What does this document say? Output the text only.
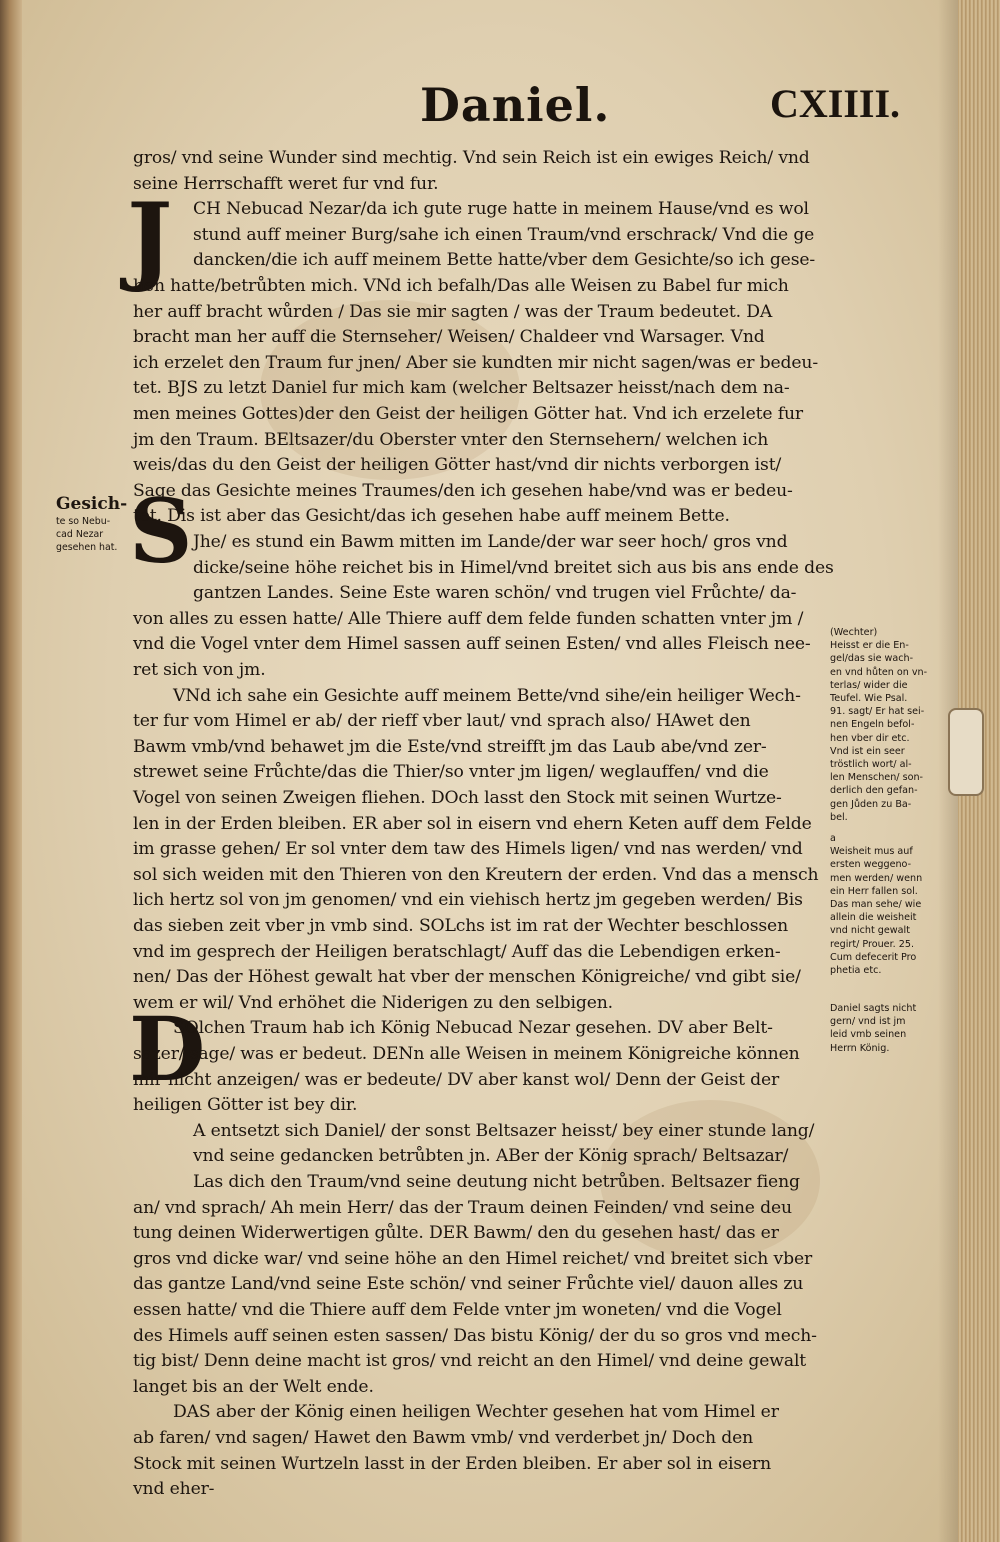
Daniel.	CXIIII.
J
S
D
gros/ vnd seine Wunder sind mechtig. Vnd sein Reich ist ein ewiges Reich/ vnd
seine Herrschafft weret fur vnd fur.
CH Nebucad Nezar/da ich gute ruge hatte in meinem Hause/vnd es wol
stund auff meiner Burg/sahe ich einen Traum/vnd erschrack/ Vnd die ge
dancken/die ich auff meinem Bette hatte/vber dem Gesichte/so ich gese-
hen hatte/betrůbten mich. VNd ich befalh/Das alle Weisen zu Babel fur mich
her auff bracht wůrden / Das sie mir sagten / was der Traum bedeutet. DA
bracht man her auff die Sternseher/ Weisen/ Chaldeer vnd Warsager. Vnd
ich erzelet den Traum fur jnen/ Aber sie kundten mir nicht sagen/was er bedeu-
tet. BJS zu letzt Daniel fur mich kam (welcher Beltsazer heisst/nach dem na-
men meines Gottes)der den Geist der heiligen Götter hat. Vnd ich erzelete fur
jm den Traum. BEltsazer/du Oberster vnter den Sternsehern/ welchen ich
weis/das du den Geist der heiligen Götter hast/vnd dir nichts verborgen ist/
Sage das Gesichte meines Traumes/den ich gesehen habe/vnd was er bedeu-
tet. Dis ist aber das Gesicht/das ich gesehen habe auff meinem Bette.
Jhe/ es stund ein Bawm mitten im Lande/der war seer hoch/ gros vnd
dicke/seine höhe reichet bis in Himel/vnd breitet sich aus bis ans ende des
gantzen Landes. Seine Este waren schön/ vnd trugen viel Frůchte/ da-
von alles zu essen hatte/ Alle Thiere auff dem felde funden schatten vnter jm /
vnd die Vogel vnter dem Himel sassen auff seinen Esten/ vnd alles Fleisch nee-
ret sich von jm.
VNd ich sahe ein Gesichte auff meinem Bette/vnd sihe/ein heiliger Wech-
ter fur vom Himel er ab/ der rieff vber laut/ vnd sprach also/ HAwet den
Bawm vmb/vnd behawet jm die Este/vnd streifft jm das Laub abe/vnd zer-
strewet seine Frůchte/das die Thier/so vnter jm ligen/ weglauffen/ vnd die
Vogel von seinen Zweigen fliehen. DOch lasst den Stock mit seinen Wurtze-
len in der Erden bleiben. ER aber sol in eisern vnd ehern Keten auff dem Felde
im grasse gehen/ Er sol vnter dem taw des Himels ligen/ vnd nas werden/ vnd
sol sich weiden mit den Thieren von den Kreutern der erden. Vnd das a mensch
lich hertz sol von jm genomen/ vnd ein viehisch hertz jm gegeben werden/ Bis
das sieben zeit vber jn vmb sind. SOLchs ist im rat der Wechter beschlossen
vnd im gesprech der Heiligen beratschlagt/ Auff das die Lebendigen erken-
nen/ Das der Höhest gewalt hat vber der menschen Königreiche/ vnd gibt sie/
wem er wil/ Vnd erhöhet die Niderigen zu den selbigen.
SOlchen Traum hab ich König Nebucad Nezar gesehen. DV aber Belt-
sazer/ sage/ was er bedeut. DENn alle Weisen in meinem Königreiche können
mir nicht anzeigen/ was er bedeute/ DV aber kanst wol/ Denn der Geist der
heiligen Götter ist bey dir.
A entsetzt sich Daniel/ der sonst Beltsazer heisst/ bey einer stunde lang/
vnd seine gedancken betrůbten jn. ABer der König sprach/ Beltsazar/
Las dich den Traum/vnd seine deutung nicht betrůben. Beltsazer fieng
an/ vnd sprach/ Ah mein Herr/ das der Traum deinen Feinden/ vnd seine deu
tung deinen Widerwertigen gůlte. DER Bawm/ den du gesehen hast/ das er
gros vnd dicke war/ vnd seine höhe an den Himel reichet/ vnd breitet sich vber
das gantze Land/vnd seine Este schön/ vnd seiner Frůchte viel/ dauon alles zu
essen hatte/ vnd die Thiere auff dem Felde vnter jm woneten/ vnd die Vogel
des Himels auff seinen esten sassen/ Das bistu König/ der du so gros vnd mech-
tig bist/ Denn deine macht ist gros/ vnd reicht an den Himel/ vnd deine gewalt
langet bis an der Welt ende.
DAS aber der König einen heiligen Wechter gesehen hat vom Himel er
ab faren/ vnd sagen/ Hawet den Bawm vmb/ vnd verderbet jn/ Doch den
Stock mit seinen Wurtzeln lasst in der Erden bleiben. Er aber sol in eisern
vnd eher-
Gesich-
te so Nebu-
cad Nezar
gesehen hat.
(Wechter)
Heisst er die En-
gel/das sie wach-
en vnd hůten on vn-
terlas/ wider die
Teufel. Wie Psal.
91. sagt/ Er hat sei-
nen Engeln befol-
hen vber dir etc.
Vnd ist ein seer
tröstlich wort/ al-
len Menschen/ son-
derlich den gefan-
gen Jůden zu Ba-
bel.
a
Weisheit mus auf
ersten weggeno-
men werden/ wenn
ein Herr fallen sol.
Das man sehe/ wie
allein die weisheit
vnd nicht gewalt
regirt/ Prouer. 25.
Cum defecerit Pro
phetia etc.
Daniel sagts nicht
gern/ vnd ist jm
leid vmb seinen
Herrn König.
